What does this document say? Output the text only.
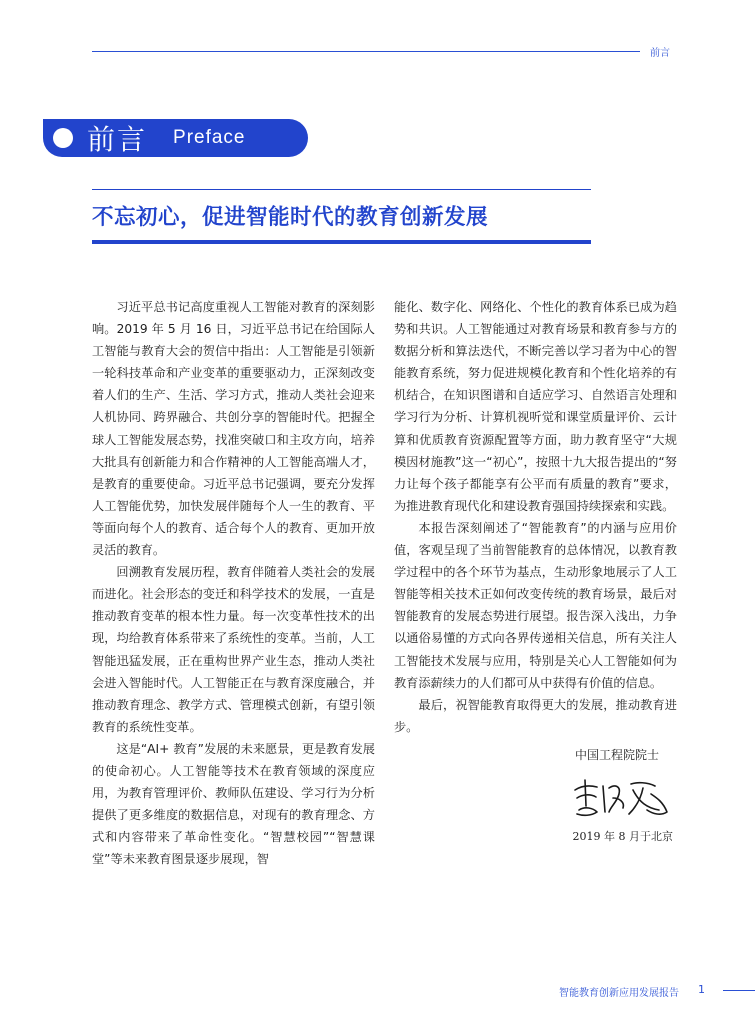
前言
前言 Preface
不忘初心，促进智能时代的教育创新发展

习近平总书记高度重视人工智能对教育的深刻影响。2019 年 5 月 16 日，习近平总书记在给国际人工智能与教育大会的贺信中指出：人工智能是引领新一轮科技革命和产业变革的重要驱动力，正深刻改变着人们的生产、生活、学习方式，推动人类社会迎来人机协同、跨界融合、共创分享的智能时代。把握全球人工智能发展态势，找准突破口和主攻方向，培养大批具有创新能力和合作精神的人工智能高端人才，是教育的重要使命。习近平总书记强调，要充分发挥人工智能优势，加快发展伴随每个人一生的教育、平等面向每个人的教育、适合每个人的教育、更加开放灵活的教育。

回溯教育发展历程，教育伴随着人类社会的发展而进化。社会形态的变迁和科学技术的发展，一直是推动教育变革的根本性力量。每一次变革性技术的出现，均给教育体系带来了系统性的变革。当前，人工智能迅猛发展，正在重构世界产业生态，推动人类社会进入智能时代。人工智能正在与教育深度融合，并推动教育理念、教学方式、管理模式创新，有望引领教育的系统性变革。

这是“AI+ 教育”发展的未来愿景，更是教育发展的使命初心。人工智能等技术在教育领域的深度应用，为教育管理评价、教师队伍建设、学习行为分析提供了更多维度的数据信息，对现有的教育理念、方式和内容带来了革命性变化。“智慧校园”“智慧课堂”等未来教育图景逐步展现，智

能化、数字化、网络化、个性化的教育体系已成为趋势和共识。人工智能通过对教育场景和教育参与方的数据分析和算法迭代，不断完善以学习者为中心的智能教育系统，努力促进规模化教育和个性化培养的有机结合，在知识图谱和自适应学习、自然语言处理和学习行为分析、计算机视听觉和课堂质量评价、云计算和优质教育资源配置等方面，助力教育坚守“大规模因材施教”这一“初心”，按照十九大报告提出的“努力让每个孩子都能享有公平而有质量的教育”要求，为推进教育现代化和建设教育强国持续探索和实践。

本报告深刻阐述了“智能教育”的内涵与应用价值，客观呈现了当前智能教育的总体情况，以教育教学过程中的各个环节为基点，生动形象地展示了人工智能等相关技术正如何改变传统的教育场景，最后对智能教育的发展态势进行展望。报告深入浅出，力争以通俗易懂的方式向各界传递相关信息，所有关注人工智能技术发展与应用，特别是关心人工智能如何为教育添薪续力的人们都可从中获得有价值的信息。

最后，祝智能教育取得更大的发展，推动教育进步。

中国工程院院士
2019 年 8 月于北京
智能教育创新应用发展报告 1
